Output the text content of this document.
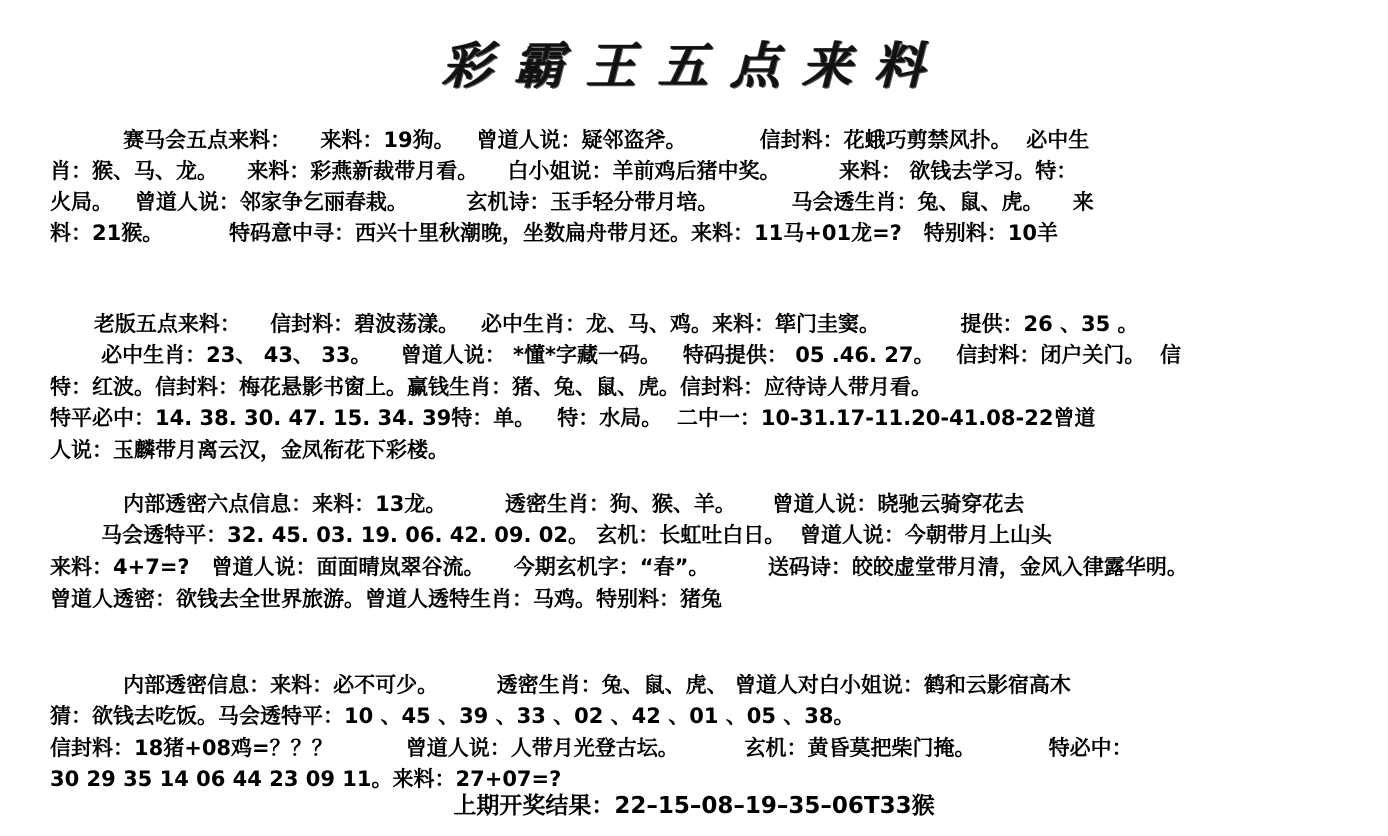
彩霸王五点来料
赛马会五点来料：    来料：19狗。   曾道人说：疑邻盗斧。          信封料：花蛾巧剪禁风扑。  必中生
肖：猴、马、龙。    来料：彩燕新裁带月看。    白小姐说：羊前鸡后猪中奖。        来料： 欲钱去学习。特：
火局。   曾道人说：邻家争乞丽春栽。        玄机诗：玉手轻分带月培。          马会透生肖：兔、鼠、虎。    来
料：21猴。         特码意中寻：西兴十里秋潮晚，坐数扁舟带月还。来料：11马+01龙=?   特别料：10羊
老版五点来料：    信封料：碧波荡漾。   必中生肖：龙、马、鸡。来料：筚门圭窦。           提供：26 、35 。
必中生肖：23、 43、 33。    曾道人说： *懂*字藏一码。   特码提供： 05 .46. 27。   信封料：闭户关门。  信
特：红波。信封料：梅花悬影书窗上。赢钱生肖：猪、兔、鼠、虎。信封料：应待诗人带月看。
特平必中：14. 38. 30. 47. 15. 34. 39特：单。   特：水局。  二中一：10-31.17-11.20-41.08-22曾道
人说：玉麟带月离云汉，金凤衔花下彩楼。
内部透密六点信息：来料：13龙。        透密生肖：狗、猴、羊。     曾道人说：晓驰云骑穿花去
马会透特平：32. 45. 03. 19. 06. 42. 09. 02。 玄机：长虹吐白日。  曾道人说：今朝带月上山头
来料：4+7=?   曾道人说：面面晴岚翠谷流。    今期玄机字：“春”。        送码诗：皎皎虚堂带月清，金风入律露华明。
曾道人透密：欲钱去全世界旅游。曾道人透特生肖：马鸡。特别料：猪兔
内部透密信息：来料：必不可少。        透密生肖：兔、鼠、虎、 曾道人对白小姐说：鹤和云影宿高木
猜：欲钱去吃饭。马会透特平：10 、45 、39 、33 、02 、42 、01 、05 、38。
信封料：18猪+08鸡=？？？          曾道人说：人带月光登古坛。         玄机：黄昏莫把柴门掩。          特必中：
30 29 35 14 06 44 23 09 11。来料：27+07=?
上期开奖结果：22–15–08–19–35–06T33猴
